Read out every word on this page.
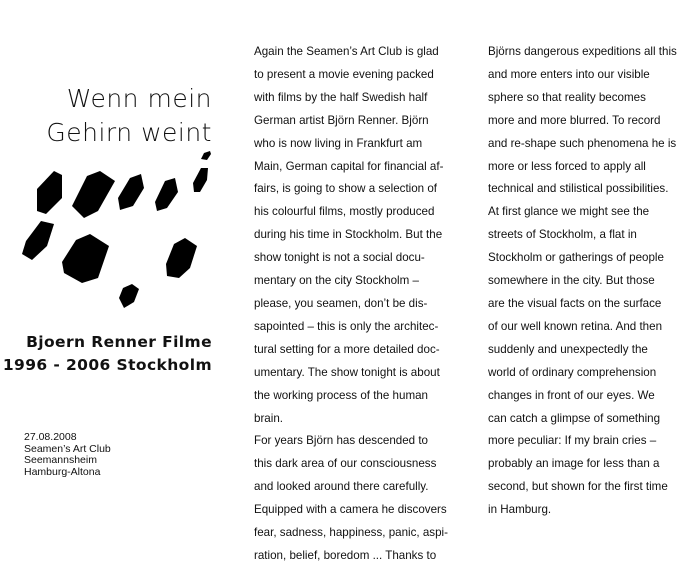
Wenn mein
Gehirn weint
Bjoern Renner Filme
1996 - 2006 Stockholm

27.08.2008
Seamen’s Art Club
Seemannsheim
Hamburg-Altona

Again the Seamen’s Art Club is glad
to present a movie evening packed
with films by the half Swedish half
German artist Björn Renner. Björn
who is now living in Frankfurt am
Main, German capital for financial af-
fairs, is going to show a selection of
his colourful films, mostly produced
during his time in Stockholm. But the
show tonight is not a social docu-
mentary on the city Stockholm –
please, you seamen, don’t be dis-
sapointed – this is only the architec-
tural setting for a more detailed doc-
umentary. The show tonight is about
the working process of the human
brain.
For years Björn has descended to
this dark area of our consciousness
and looked around there carefully.
Equipped with a camera he discovers
fear, sadness, happiness, panic, aspi-
ration, belief, boredom ... Thanks to
Björns dangerous expeditions all this
and more enters into our visible
sphere so that reality becomes
more and more blurred. To record
and re-shape such phenomena he is
more or less forced to apply all
technical and stilistical possibilities.
At first glance we might see the
streets of Stockholm, a flat in
Stockholm or gatherings of people
somewhere in the city. But those
are the visual facts on the surface
of our well known retina. And then
suddenly and unexpectedly the
world of ordinary comprehension
changes in front of our eyes. We
can catch a glimpse of something
more peculiar: If my brain cries –
probably an image for less than a
second, but shown for the first time
in Hamburg.
